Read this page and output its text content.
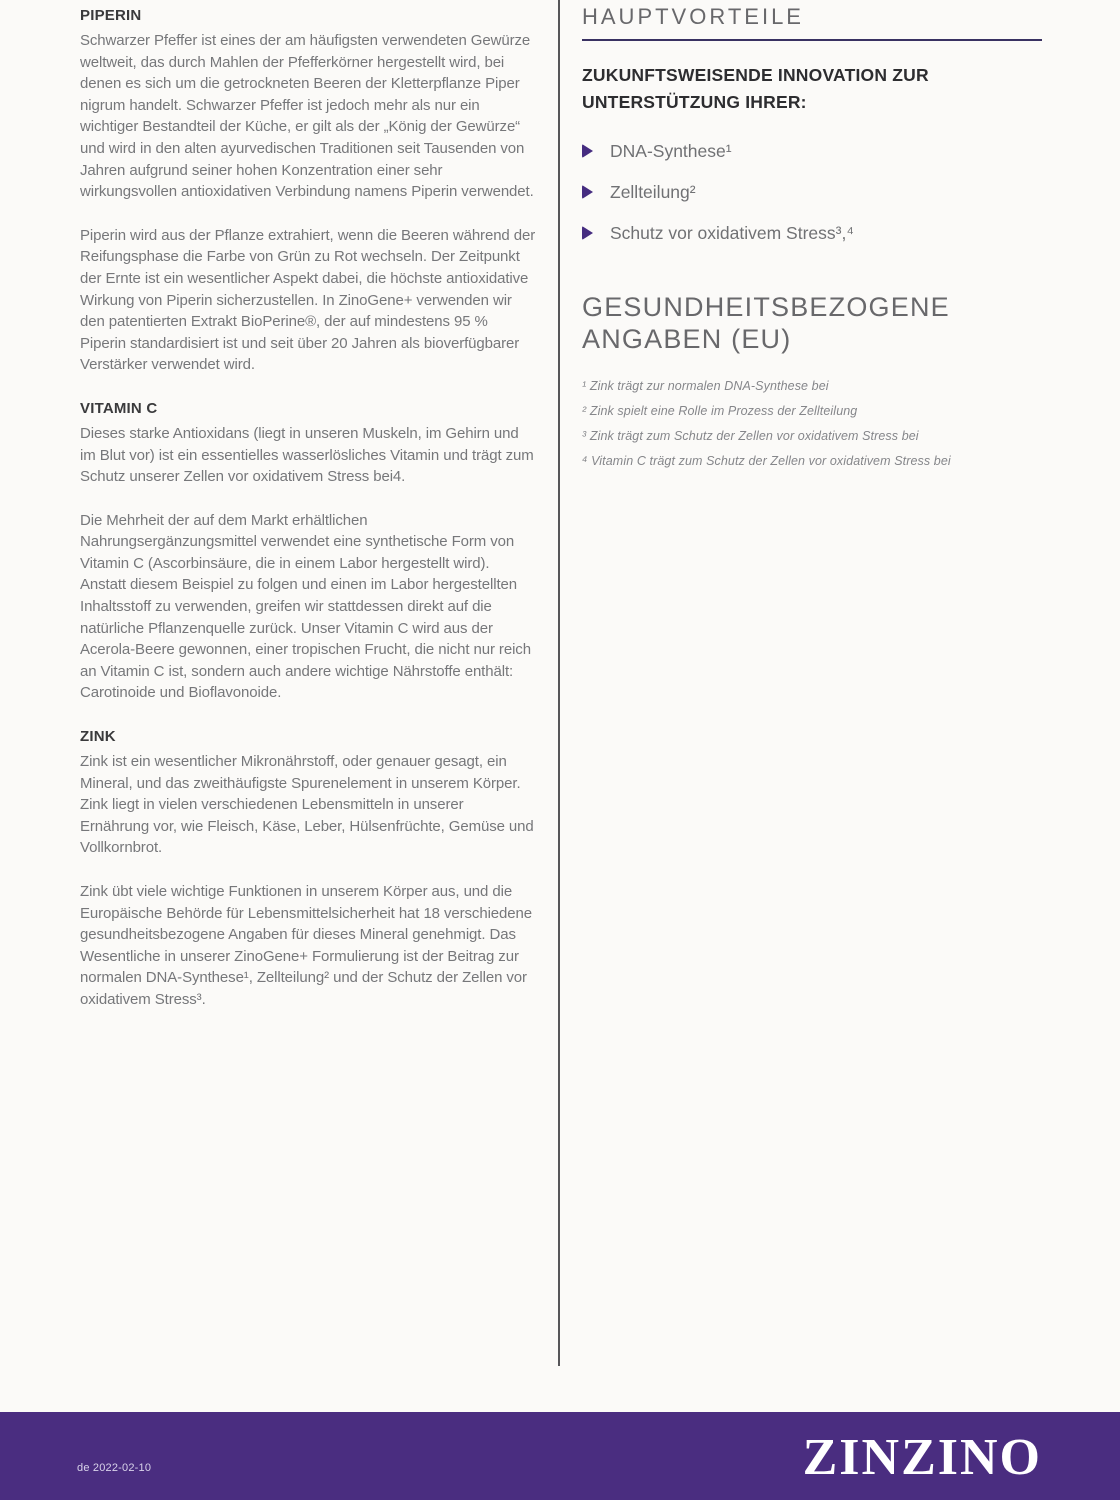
PIPERIN

Schwarzer Pfeffer ist eines der am häufigsten verwendeten Gewürze weltweit, das durch Mahlen der Pfefferkörner hergestellt wird, bei denen es sich um die getrockneten Beeren der Kletterpflanze Piper nigrum handelt. Schwarzer Pfeffer ist jedoch mehr als nur ein wichtiger Bestandteil der Küche, er gilt als der „König der Gewürze“ und wird in den alten ayurvedischen Traditionen seit Tausenden von Jahren aufgrund seiner hohen Konzentration einer sehr wirkungsvollen antioxidativen Verbindung namens Piperin verwendet.

Piperin wird aus der Pflanze extrahiert, wenn die Beeren während der Reifungsphase die Farbe von Grün zu Rot wechseln. Der Zeitpunkt der Ernte ist ein wesentlicher Aspekt dabei, die höchste antioxidative Wirkung von Piperin sicherzustellen. In ZinoGene+ verwenden wir den patentierten Extrakt BioPerine®, der auf mindestens 95 % Piperin standardisiert ist und seit über 20 Jahren als bioverfügbarer Verstärker verwendet wird.

VITAMIN C

Dieses starke Antioxidans (liegt in unseren Muskeln, im Gehirn und im Blut vor) ist ein essentielles wasserlösliches Vitamin und trägt zum Schutz unserer Zellen vor oxidativem Stress bei4.

Die Mehrheit der auf dem Markt erhältlichen Nahrungsergänzungsmittel verwendet eine synthetische Form von Vitamin C (Ascorbinsäure, die in einem Labor hergestellt wird). Anstatt diesem Beispiel zu folgen und einen im Labor hergestellten Inhaltsstoff zu verwenden, greifen wir stattdessen direkt auf die natürliche Pflanzenquelle zurück. Unser Vitamin C wird aus der Acerola-Beere gewonnen, einer tropischen Frucht, die nicht nur reich an Vitamin C ist, sondern auch andere wichtige Nährstoffe enthält: Carotinoide und Bioflavonoide.

ZINK

Zink ist ein wesentlicher Mikronährstoff, oder genauer gesagt, ein Mineral, und das zweithäufigste Spurenelement in unserem Körper. Zink liegt in vielen verschiedenen Lebensmitteln in unserer Ernährung vor, wie Fleisch, Käse, Leber, Hülsenfrüchte, Gemüse und Vollkornbrot.

Zink übt viele wichtige Funktionen in unserem Körper aus, und die Europäische Behörde für Lebensmittelsicherheit hat 18 verschiedene gesundheitsbezogene Angaben für dieses Mineral genehmigt. Das Wesentliche in unserer ZinoGene+ Formulierung ist der Beitrag zur normalen DNA-Synthese¹, Zellteilung² und der Schutz der Zellen vor oxidativem Stress³.

HAUPTVORTEILE
ZUKUNFTSWEISENDE INNOVATION ZUR UNTERSTÜTZUNG IHRER:
DNA-Synthese¹
Zellteilung²
Schutz vor oxidativem Stress³,⁴
GESUNDHEITSBEZOGENE ANGABEN (EU)

¹ Zink trägt zur normalen DNA-Synthese bei

² Zink spielt eine Rolle im Prozess der Zellteilung

³ Zink trägt zum Schutz der Zellen vor oxidativem Stress bei

⁴ Vitamin C trägt zum Schutz der Zellen vor oxidativem Stress bei

de 2022-02-10	ZINZINO
